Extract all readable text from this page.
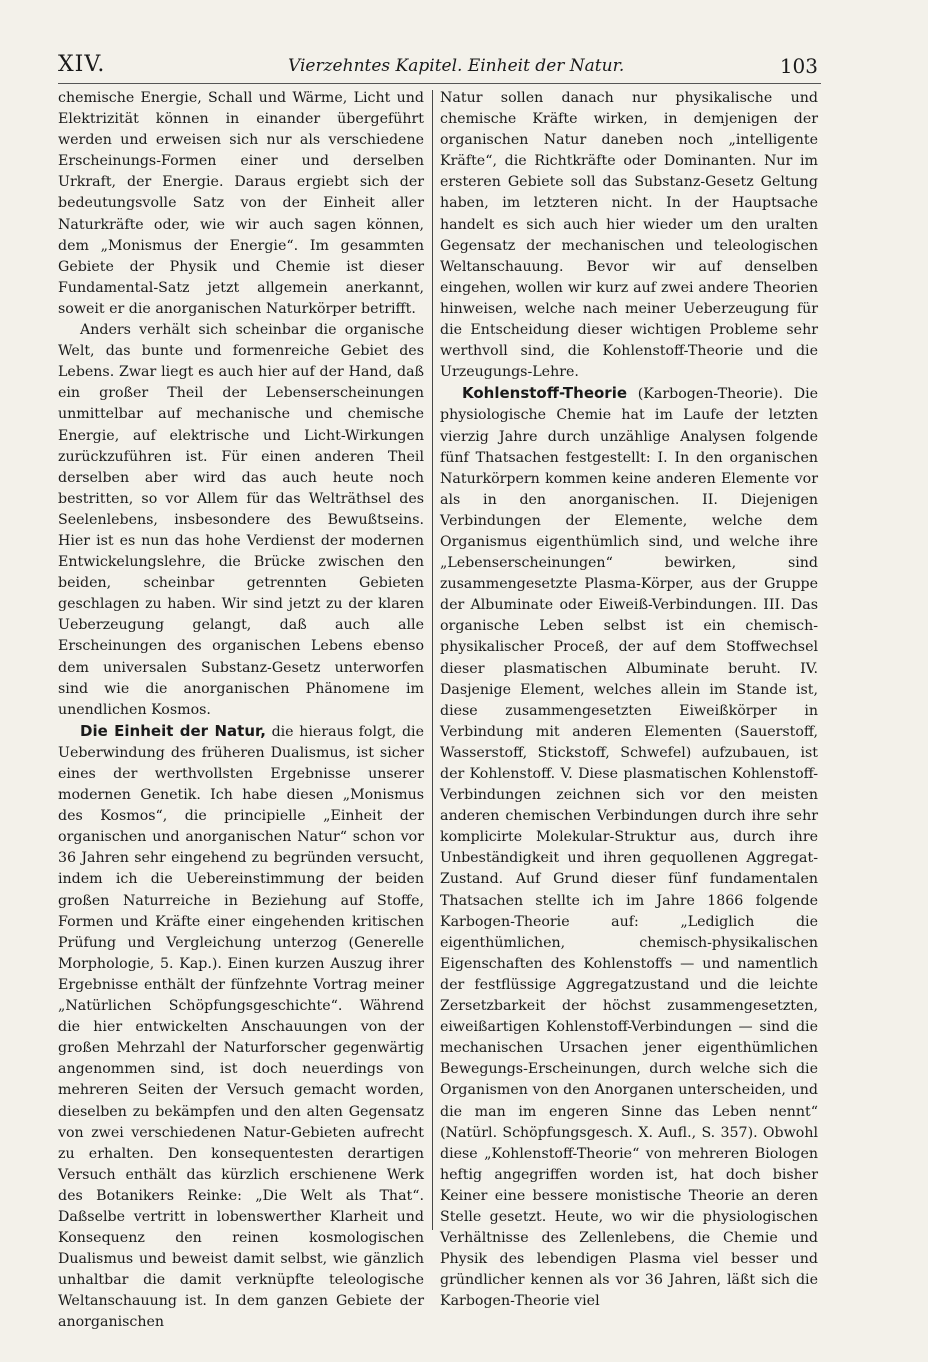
XIV.	Vierzehntes Kapitel. Einheit der Natur.	103

chemische Energie, Schall und Wärme, Licht und Elektrizität können in einander übergeführt werden und erweisen sich nur als verschiedene Erscheinungs-Formen einer und derselben Urkraft, der Energie. Daraus ergiebt sich der bedeutungsvolle Satz von der Einheit aller Naturkräfte oder, wie wir auch sagen können, dem „Monismus der Energie“. Im gesammten Gebiete der Physik und Chemie ist dieser Fundamental-Satz jetzt allgemein anerkannt, soweit er die anorganischen Naturkörper betrifft.

Anders verhält sich scheinbar die organische Welt, das bunte und formenreiche Gebiet des Lebens. Zwar liegt es auch hier auf der Hand, daß ein großer Theil der Lebenserscheinungen unmittelbar auf mechanische und chemische Energie, auf elektrische und Licht-Wirkungen zurückzuführen ist. Für einen anderen Theil derselben aber wird das auch heute noch bestritten, so vor Allem für das Welträthsel des Seelenlebens, insbesondere des Bewußtseins. Hier ist es nun das hohe Verdienst der modernen Entwickelungslehre, die Brücke zwischen den beiden, scheinbar getrennten Gebieten geschlagen zu haben. Wir sind jetzt zu der klaren Ueberzeugung gelangt, daß auch alle Erscheinungen des organischen Lebens ebenso dem universalen Substanz-Gesetz unterworfen sind wie die anorganischen Phänomene im unendlichen Kosmos.

Die Einheit der Natur, die hieraus folgt, die Ueberwindung des früheren Dualismus, ist sicher eines der werthvollsten Ergebnisse unserer modernen Genetik. Ich habe diesen „Monismus des Kosmos“, die principielle „Einheit der organischen und anorganischen Natur“ schon vor 36 Jahren sehr eingehend zu begründen versucht, indem ich die Uebereinstimmung der beiden großen Naturreiche in Beziehung auf Stoffe, Formen und Kräfte einer eingehenden kritischen Prüfung und Vergleichung unterzog (Generelle Morphologie, 5. Kap.). Einen kurzen Auszug ihrer Ergebnisse enthält der fünfzehnte Vortrag meiner „Natürlichen Schöpfungsgeschichte“. Während die hier entwickelten Anschauungen von der großen Mehrzahl der Naturforscher gegenwärtig angenommen sind, ist doch neuerdings von mehreren Seiten der Versuch gemacht worden, dieselben zu bekämpfen und den alten Gegensatz von zwei verschiedenen Natur-Gebieten aufrecht zu erhalten. Den konsequentesten derartigen Versuch enthält das kürzlich erschienene Werk des Botanikers Reinke: „Die Welt als That“. Daßselbe vertritt in lobenswerther Klarheit und Konsequenz den reinen kosmologischen Dualismus und beweist damit selbst, wie gänzlich unhaltbar die damit verknüpfte teleologische Weltanschauung ist. In dem ganzen Gebiete der anorganischen

Natur sollen danach nur physikalische und chemische Kräfte wirken, in demjenigen der organischen Natur daneben noch „intelligente Kräfte“, die Richtkräfte oder Dominanten. Nur im ersteren Gebiete soll das Substanz-Gesetz Geltung haben, im letzteren nicht. In der Hauptsache handelt es sich auch hier wieder um den uralten Gegensatz der mechanischen und teleologischen Weltanschauung. Bevor wir auf denselben eingehen, wollen wir kurz auf zwei andere Theorien hinweisen, welche nach meiner Ueberzeugung für die Entscheidung dieser wichtigen Probleme sehr werthvoll sind, die Kohlenstoff-Theorie und die Urzeugungs-Lehre.

Kohlenstoff-Theorie (Karbogen-Theorie). Die physiologische Chemie hat im Laufe der letzten vierzig Jahre durch unzählige Analysen folgende fünf Thatsachen festgestellt: I. In den organischen Naturkörpern kommen keine anderen Elemente vor als in den anorganischen. II. Diejenigen Verbindungen der Elemente, welche dem Organismus eigenthümlich sind, und welche ihre „Lebenserscheinungen“ bewirken, sind zusammengesetzte Plasma-Körper, aus der Gruppe der Albuminate oder Eiweiß-Verbindungen. III. Das organische Leben selbst ist ein chemisch-physikalischer Proceß, der auf dem Stoffwechsel dieser plasmatischen Albuminate beruht. IV. Dasjenige Element, welches allein im Stande ist, diese zusammengesetzten Eiweißkörper in Verbindung mit anderen Elementen (Sauerstoff, Wasserstoff, Stickstoff, Schwefel) aufzubauen, ist der Kohlenstoff. V. Diese plasmatischen Kohlenstoff-Verbindungen zeichnen sich vor den meisten anderen chemischen Verbindungen durch ihre sehr komplicirte Molekular-Struktur aus, durch ihre Unbeständigkeit und ihren gequollenen Aggregat-Zustand. Auf Grund dieser fünf fundamentalen Thatsachen stellte ich im Jahre 1866 folgende Karbogen-Theorie auf: „Lediglich die eigenthümlichen, chemisch-physikalischen Eigenschaften des Kohlenstoffs — und namentlich der festflüssige Aggregatzustand und die leichte Zersetzbarkeit der höchst zusammengesetzten, eiweißartigen Kohlenstoff-Verbindungen — sind die mechanischen Ursachen jener eigenthümlichen Bewegungs-Erscheinungen, durch welche sich die Organismen von den Anorganen unterscheiden, und die man im engeren Sinne das Leben nennt“ (Natürl. Schöpfungsgesch. X. Aufl., S. 357). Obwohl diese „Kohlenstoff-Theorie“ von mehreren Biologen heftig angegriffen worden ist, hat doch bisher Keiner eine bessere monistische Theorie an deren Stelle gesetzt. Heute, wo wir die physiologischen Verhältnisse des Zellenlebens, die Chemie und Physik des lebendigen Plasma viel besser und gründlicher kennen als vor 36 Jahren, läßt sich die Karbogen-Theorie viel
